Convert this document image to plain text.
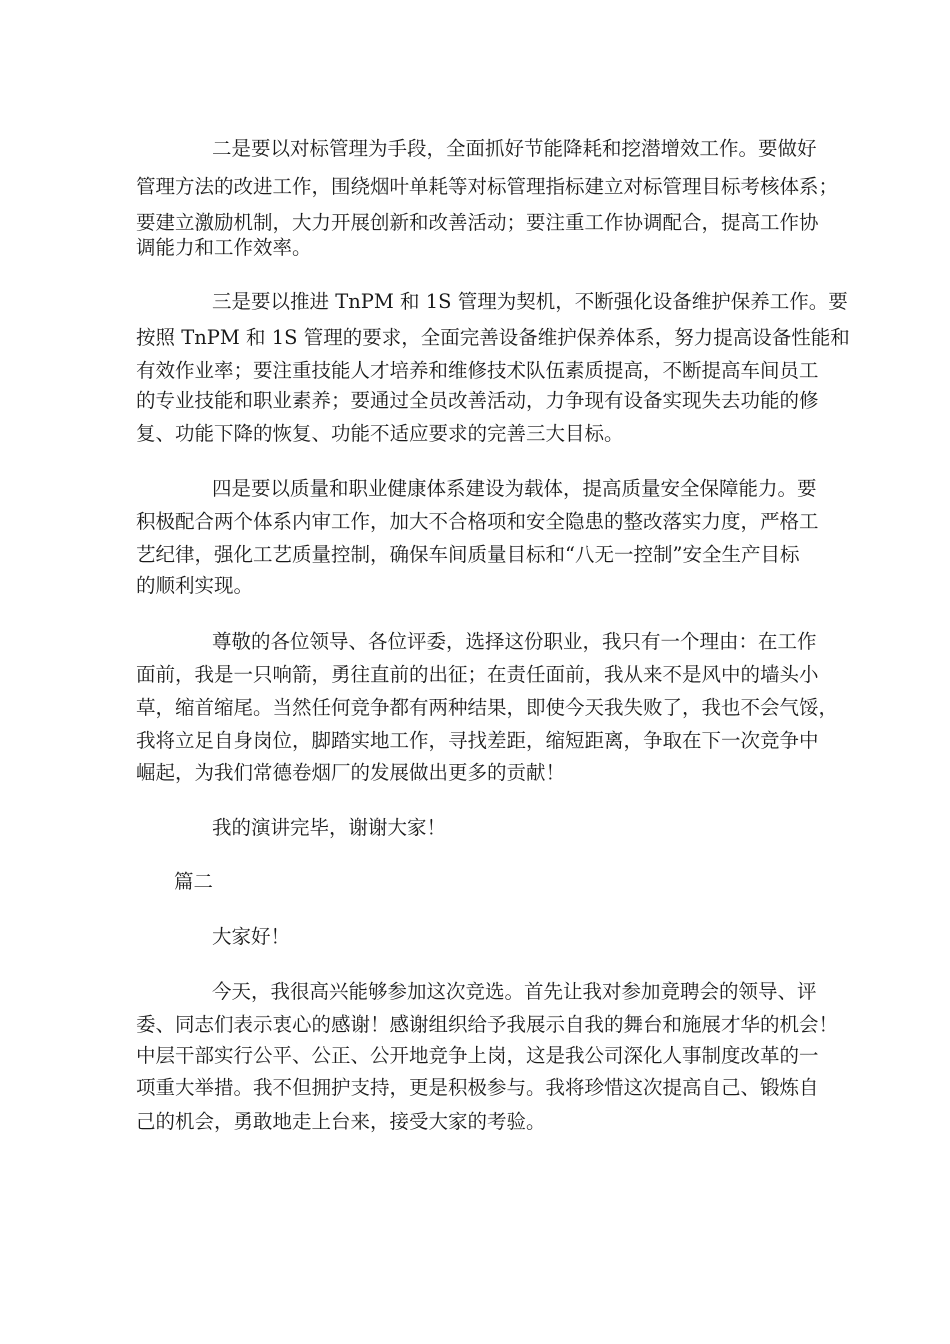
二是要以对标管理为手段，全面抓好节能降耗和挖潜增效工作。要做好
管理方法的改进工作，围绕烟叶单耗等对标管理指标建立对标管理目标考核体系；
要建立激励机制，大力开展创新和改善活动；要注重工作协调配合，提高工作协
调能力和工作效率。
三是要以推进 TnPM 和 1S 管理为契机，不断强化设备维护保养工作。要
按照 TnPM 和 1S 管理的要求，全面完善设备维护保养体系，努力提高设备性能和
有效作业率；要注重技能人才培养和维修技术队伍素质提高，不断提高车间员工
的专业技能和职业素养；要通过全员改善活动，力争现有设备实现失去功能的修
复、功能下降的恢复、功能不适应要求的完善三大目标。
四是要以质量和职业健康体系建设为载体，提高质量安全保障能力。要
积极配合两个体系内审工作，加大不合格项和安全隐患的整改落实力度，严格工
艺纪律，强化工艺质量控制，确保车间质量目标和“八无一控制”安全生产目标
的顺利实现。
尊敬的各位领导、各位评委，选择这份职业，我只有一个理由：在工作
面前，我是一只响箭，勇往直前的出征；在责任面前，我从来不是风中的墙头小
草，缩首缩尾。当然任何竞争都有两种结果，即使今天我失败了，我也不会气馁，
我将立足自身岗位，脚踏实地工作，寻找差距，缩短距离，争取在下一次竞争中
崛起，为我们常德卷烟厂的发展做出更多的贡献！
我的演讲完毕，谢谢大家！
篇二
大家好！
今天，我很高兴能够参加这次竞选。首先让我对参加竟聘会的领导、评
委、同志们表示衷心的感谢！感谢组织给予我展示自我的舞台和施展才华的机会！
中层干部实行公平、公正、公开地竞争上岗，这是我公司深化人事制度改革的一
项重大举措。我不但拥护支持，更是积极参与。我将珍惜这次提高自己、锻炼自
己的机会，勇敢地走上台来，接受大家的考验。
